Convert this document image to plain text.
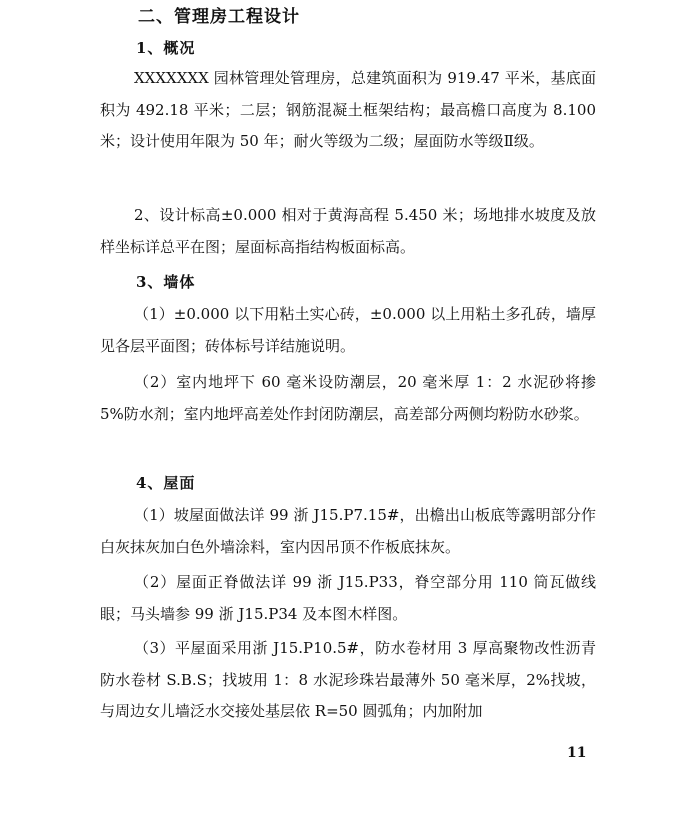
二、管理房工程设计
1、概况

XXXXXXX 园林管理处管理房，总建筑面积为 919.47 平米，基底面积为 492.18 平米；二层；钢筋混凝土框架结构；最高檐口高度为 8.100 米；设计使用年限为 50 年；耐火等级为二级；屋面防水等级Ⅱ级。

2、设计标高±0.000 相对于黄海高程 5.450 米；场地排水坡度及放样坐标详总平在图；屋面标高指结构板面标高。

3、墙体

（1）±0.000 以下用粘土实心砖，±0.000 以上用粘土多孔砖，墙厚见各层平面图；砖体标号详结施说明。

（2）室内地坪下 60 毫米设防潮层，20 毫米厚 1：2 水泥砂将掺 5%防水剂；室内地坪高差处作封闭防潮层，高差部分两侧均粉防水砂浆。

4、屋面

（1）坡屋面做法详 99 浙 J15.P7.15#，出檐出山板底等露明部分作白灰抹灰加白色外墙涂料，室内因吊顶不作板底抹灰。

（2）屋面正脊做法详 99 浙 J15.P33，脊空部分用 110 筒瓦做线眼；马头墙参 99 浙 J15.P34 及本图木样图。

（3）平屋面采用浙 J15.P10.5#，防水卷材用 3 厚高聚物改性沥青防水卷材 S.B.S；找坡用 1：8 水泥珍珠岩最薄外 50 毫米厚，2%找坡，与周边女儿墙泛水交接处基层依 R=50 圆弧角；内加附加

11
